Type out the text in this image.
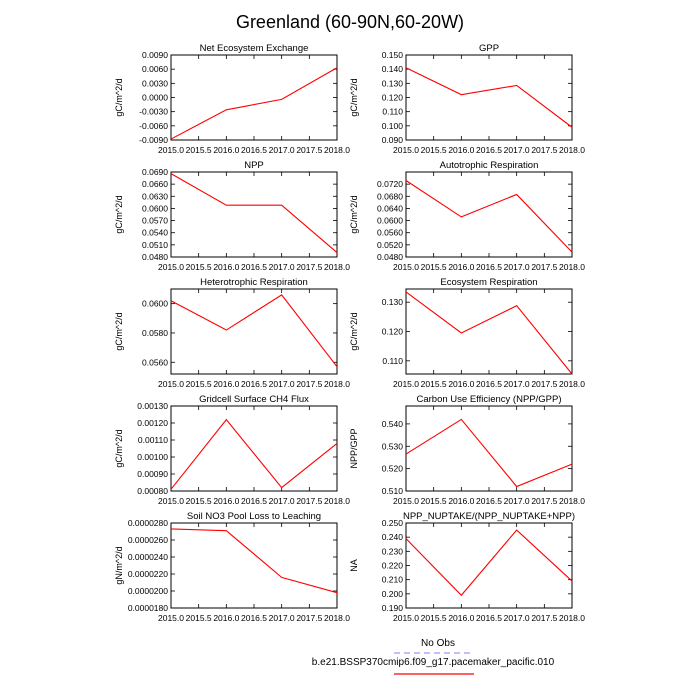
Greenland (60-90N,60-20W)
Net Ecosystem Exchange
-0.0090
-0.0060
-0.0030
0.0000
0.0030
0.0060
0.0090
2015.0 2015.5 2016.0 2016.5 2017.0 2017.5 2018.0
gC/m^2/d
GPP
0.090
0.100
0.110
0.120
0.130
0.140
0.150
2015.0 2015.5 2016.0 2016.5 2017.0 2017.5 2018.0
gC/m^2/d
NPP
0.0480
0.0510
0.0540
0.0570
0.0600
0.0630
0.0660
0.0690
2015.0 2015.5 2016.0 2016.5 2017.0 2017.5 2018.0
gC/m^2/d
Autotrophic Respiration
0.0480
0.0520
0.0560
0.0600
0.0640
0.0680
0.0720
2015.0 2015.5 2016.0 2016.5 2017.0 2017.5 2018.0
gC/m^2/d
Heterotrophic Respiration
0.0560
0.0580
0.0600
2015.0 2015.5 2016.0 2016.5 2017.0 2017.5 2018.0
gC/m^2/d
Ecosystem Respiration
0.110
0.120
0.130
2015.0 2015.5 2016.0 2016.5 2017.0 2017.5 2018.0
gC/m^2/d
Gridcell Surface CH4 Flux
0.00080
0.00090
0.00100
0.00110
0.00120
0.00130
2015.0 2015.5 2016.0 2016.5 2017.0 2017.5 2018.0
gC/m^2/d
Carbon Use Efficiency (NPP/GPP)
0.510
0.520
0.530
0.540
2015.0 2015.5 2016.0 2016.5 2017.0 2017.5 2018.0
NPP/GPP
Soil NO3 Pool Loss to Leaching
0.0000180
0.0000200
0.0000220
0.0000240
0.0000260
0.0000280
2015.0 2015.5 2016.0 2016.5 2017.0 2017.5 2018.0
gN/m^2/d
NPP_NUPTAKE/(NPP_NUPTAKE+NPP)
0.190
0.200
0.210
0.220
0.230
0.240
0.250
2015.0 2015.5 2016.0 2016.5 2017.0 2017.5 2018.0
NA
No Obs
b.e21.BSSP370cmip6.f09_g17.pacemaker_pacific.010
